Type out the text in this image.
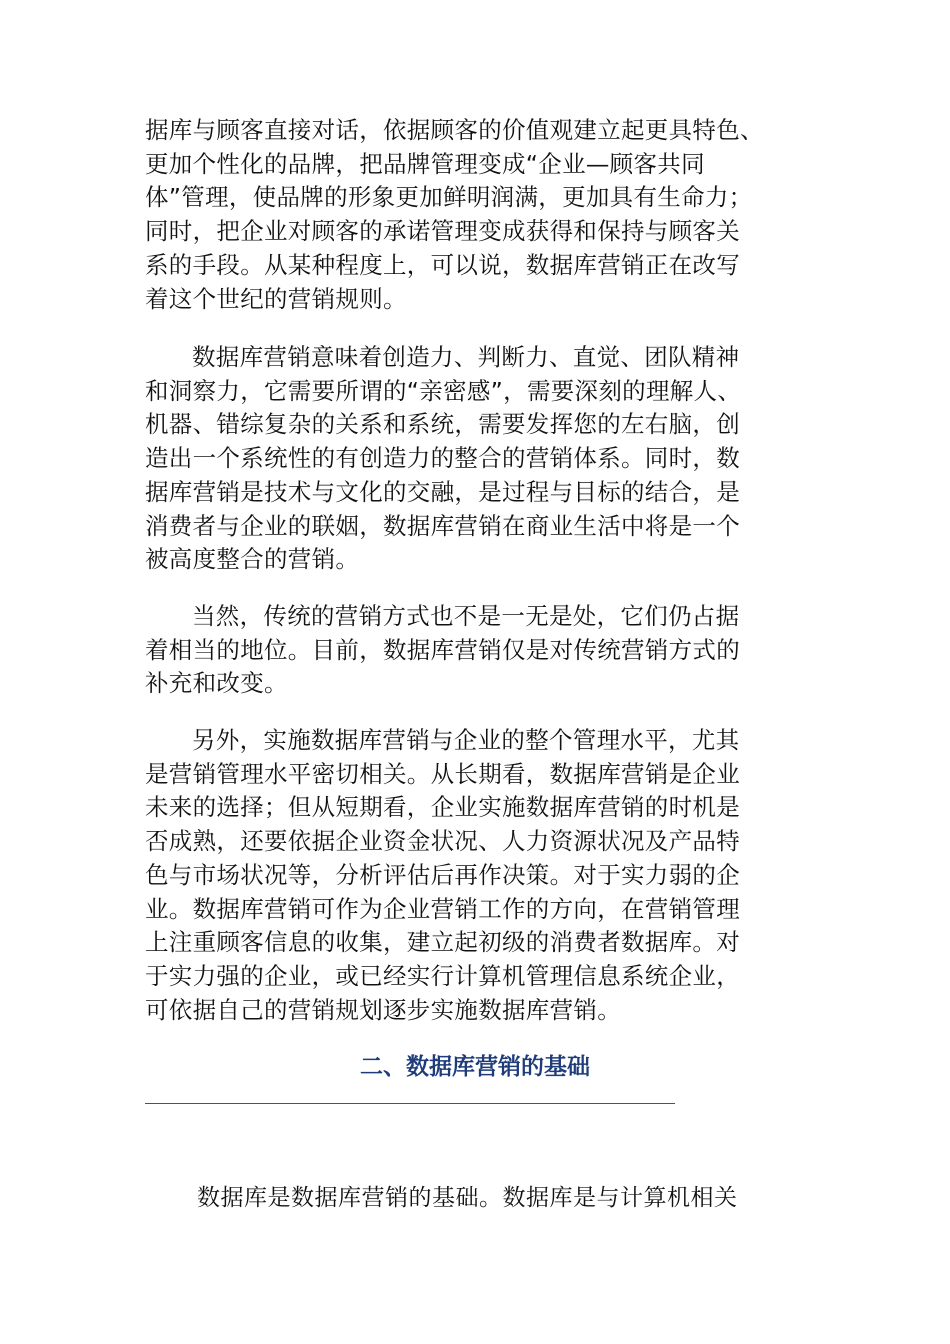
据库与顾客直接对话，依据顾客的价值观建立起更具特色、
更加个性化的品牌，把品牌管理变成“企业—顾客共同
体”管理，使品牌的形象更加鲜明润满，更加具有生命力；
同时，把企业对顾客的承诺管理变成获得和保持与顾客关
系的手段。从某种程度上，可以说，数据库营销正在改写
着这个世纪的营销规则。
数据库营销意味着创造力、判断力、直觉、团队精神
和洞察力，它需要所谓的“亲密感”，需要深刻的理解人、
机器、错综复杂的关系和系统，需要发挥您的左右脑，创
造出一个系统性的有创造力的整合的营销体系。同时，数
据库营销是技术与文化的交融，是过程与目标的结合，是
消费者与企业的联姻，数据库营销在商业生活中将是一个
被高度整合的营销。
当然，传统的营销方式也不是一无是处，它们仍占据
着相当的地位。目前，数据库营销仅是对传统营销方式的
补充和改变。
另外，实施数据库营销与企业的整个管理水平，尤其
是营销管理水平密切相关。从长期看，数据库营销是企业
未来的选择；但从短期看，企业实施数据库营销的时机是
否成熟，还要依据企业资金状况、人力资源状况及产品特
色与市场状况等，分析评估后再作决策。对于实力弱的企
业。数据库营销可作为企业营销工作的方向，在营销管理
上注重顾客信息的收集，建立起初级的消费者数据库。对
于实力强的企业，或已经实行计算机管理信息系统企业，
可依据自己的营销规划逐步实施数据库营销。
二、数据库营销的基础
数据库是数据库营销的基础。数据库是与计算机相关
